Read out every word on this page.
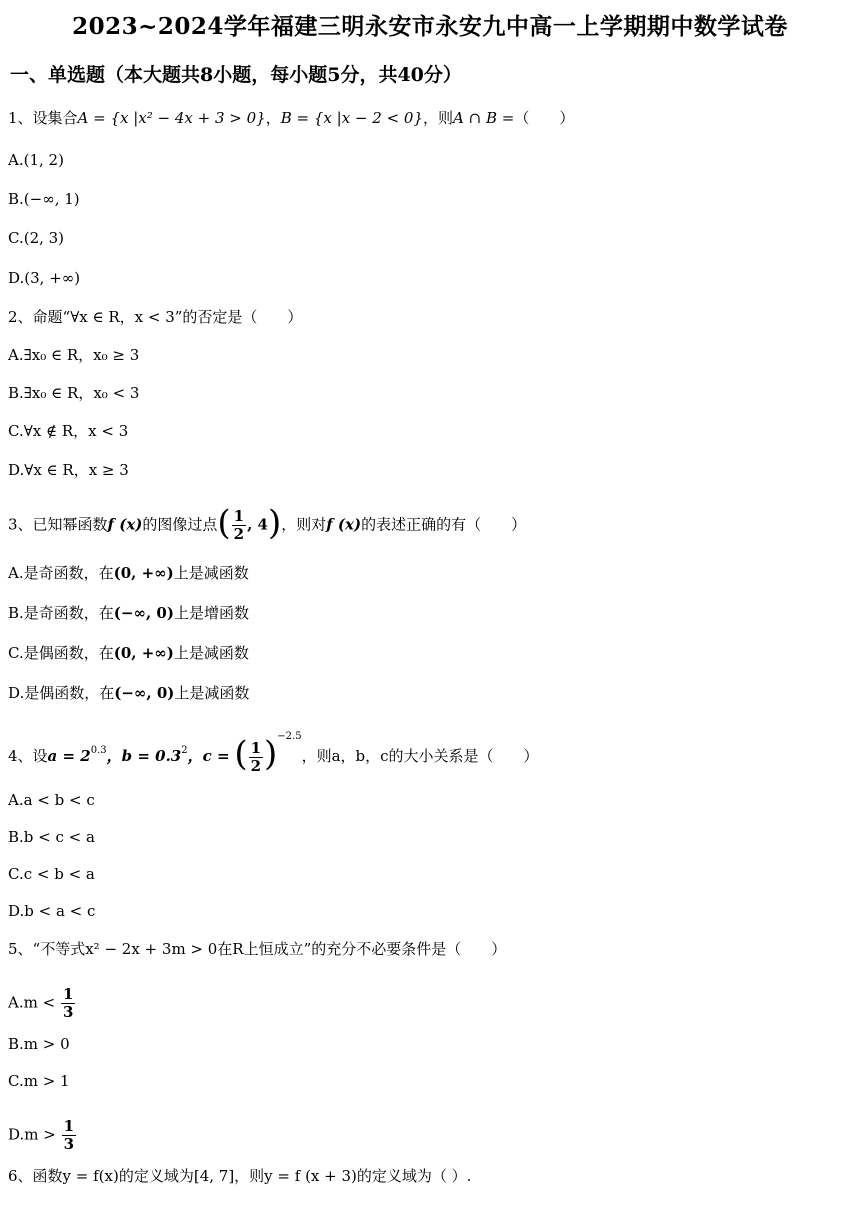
2023~2024学年福建三明永安市永安九中高一上学期期中数学试卷
一、单选题（本大题共8小题，每小题5分，共40分）
1、设集合A = {x |x² − 4x + 3 > 0}，B = {x |x − 2 < 0}，则A ∩ B =（　　）
A.(1, 2)
B.(−∞, 1)
C.(2, 3)
D.(3, +∞)
2、命题“∀x ∈ R，x < 3”的否定是（　　）
A.∃x₀ ∈ R，x₀ ≥ 3
B.∃x₀ ∈ R，x₀ < 3
C.∀x ∉ R，x < 3
D.∀x ∈ R，x ≥ 3
3、已知幂函数f (x)的图像过点( $\frac{1}{2}$ , 4)，则对f (x)的表述正确的有（　　）
A.是奇函数，在(0, +∞)上是减函数
B.是奇函数，在(−∞, 0)上是增函数
C.是偶函数，在(0, +∞)上是减函数
D.是偶函数，在(−∞, 0)上是减函数
4、设$a = 2^{0.3}$，$b = 0.3^2$，c = ( $\frac{1}{2} )^{-2.5}$，则a，b，c的大小关系是（　　）
A.a < b < c
B.b < c < a
C.c < b < a
D.b < a < c
5、“不等式x² − 2x + 3m > 0在R上恒成立”的充分不必要条件是（　　）
$A.m < \frac{1}{3}$
B.m > 0
C.m > 1
$D.m > \frac{1}{3}$
6、函数y = f(x)的定义域为[4, 7]，则y = f (x + 3)的定义域为（ ）.
